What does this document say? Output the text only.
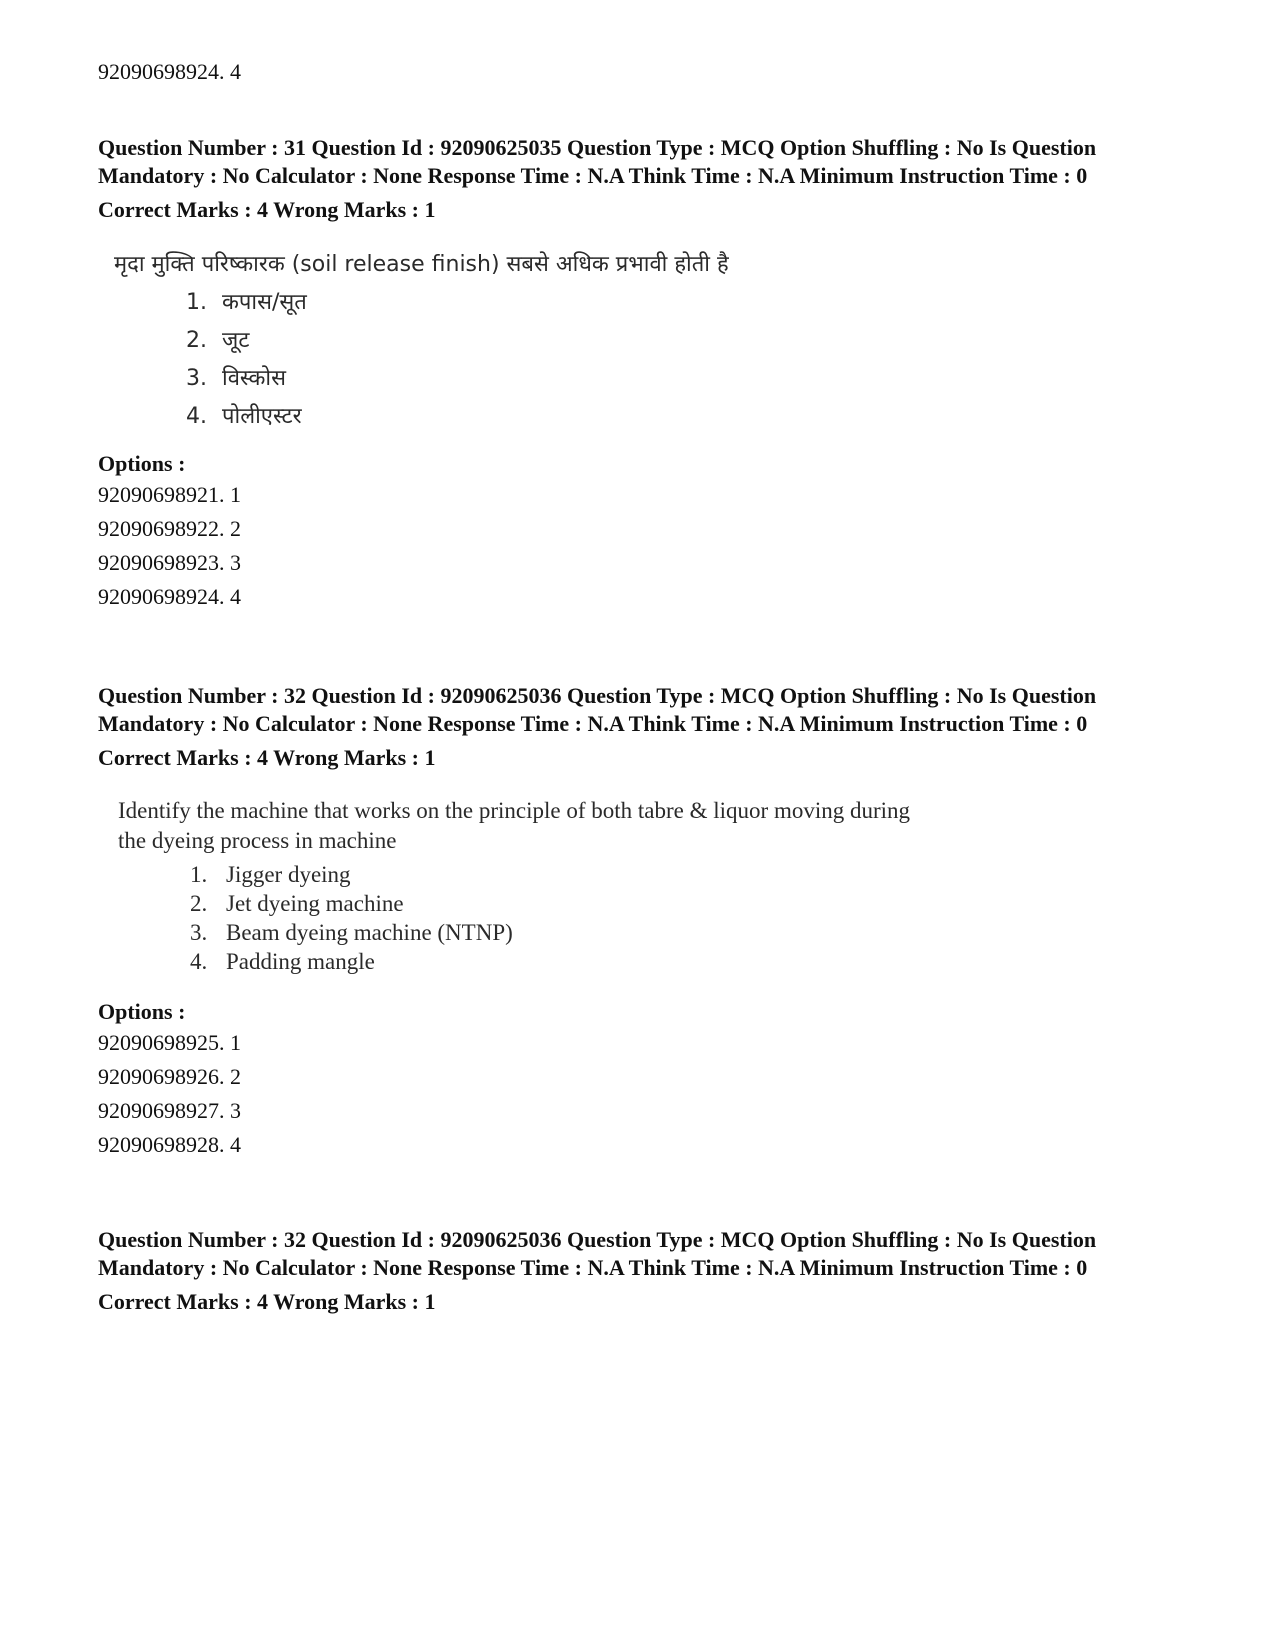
92090698924. 4

Question Number : 31 Question Id : 92090625035 Question Type : MCQ Option Shuffling : No Is Question Mandatory : No Calculator : None Response Time : N.A Think Time : N.A Minimum Instruction Time : 0

Correct Marks : 4 Wrong Marks : 1
मृदा मुक्ति परिष्कारक (soil release finish) सबसे अधिक प्रभावी होती है
1. कपास/सूत
2. जूट
3. विस्कोस
4. पोलीएस्टर
Options :
92090698921. 1
92090698922. 2
92090698923. 3
92090698924. 4

Question Number : 32 Question Id : 92090625036 Question Type : MCQ Option Shuffling : No Is Question Mandatory : No Calculator : None Response Time : N.A Think Time : N.A Minimum Instruction Time : 0

Correct Marks : 4 Wrong Marks : 1
Identify the machine that works on the principle of both tabre & liquor moving during the dyeing process in machine
1. Jigger dyeing
2. Jet dyeing machine
3. Beam dyeing machine (NTNP)
4. Padding mangle
Options :
92090698925. 1
92090698926. 2
92090698927. 3
92090698928. 4

Question Number : 32 Question Id : 92090625036 Question Type : MCQ Option Shuffling : No Is Question Mandatory : No Calculator : None Response Time : N.A Think Time : N.A Minimum Instruction Time : 0

Correct Marks : 4 Wrong Marks : 1
